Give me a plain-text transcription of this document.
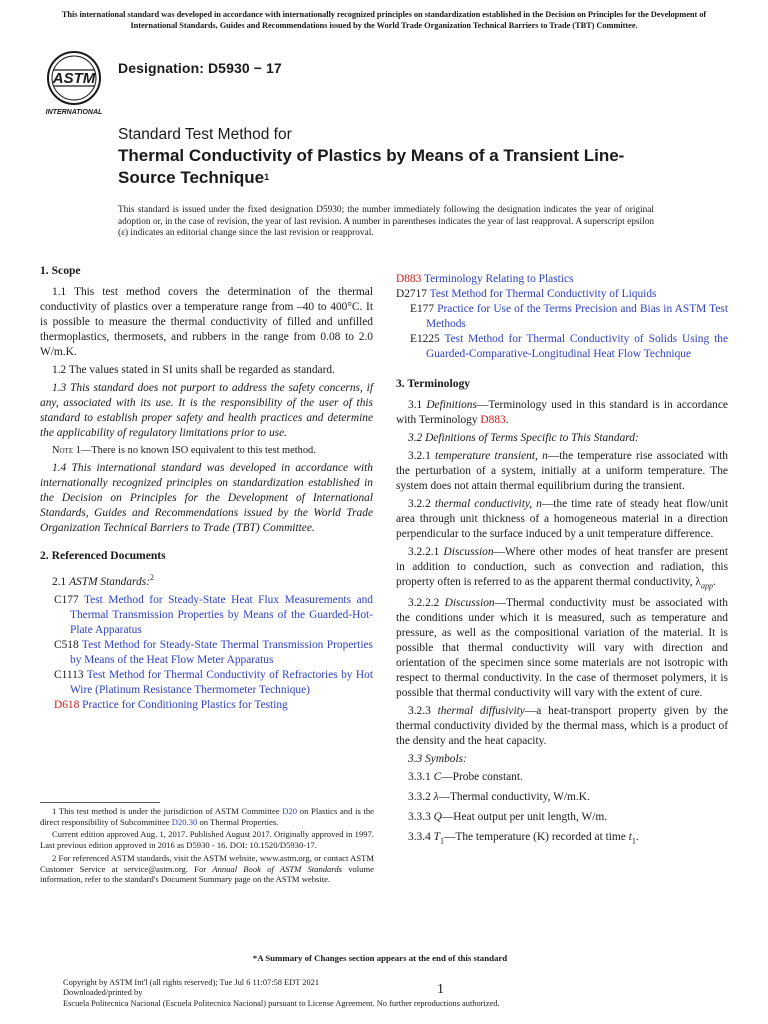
This international standard was developed in accordance with internationally recognized principles on standardization established in the Decision on Principles for the Development of International Standards, Guides and Recommendations issued by the World Trade Organization Technical Barriers to Trade (TBT) Committee.
ASTM
INTERNATIONAL
Designation: D5930 − 17
Standard Test Method for
Thermal Conductivity of Plastics by Means of a Transient Line-Source Technique$^1$
This standard is issued under the fixed designation D5930; the number immediately following the designation indicates the year of original adoption or, in the case of revision, the year of last revision. A number in parentheses indicates the year of last reapproval. A superscript epsilon (ε) indicates an editorial change since the last revision or reapproval.
1. Scope

1.1 This test method covers the determination of the thermal conductivity of plastics over a temperature range from –40 to 400°C. It is possible to measure the thermal conductivity of filled and unfilled thermoplastics, thermosets, and rubbers in the range from 0.08 to 2.0 W/m.K.

1.2 The values stated in SI units shall be regarded as standard.

1.3 This standard does not purport to address the safety concerns, if any, associated with its use. It is the responsibility of the user of this standard to establish proper safety and health practices and determine the applicability of regulatory limitations prior to use.

Note 1—There is no known ISO equivalent to this test method.

1.4 This international standard was developed in accordance with internationally recognized principles on standardization established in the Decision on Principles for the Development of International Standards, Guides and Recommendations issued by the World Trade Organization Technical Barriers to Trade (TBT) Committee.

2. Referenced Documents

2.1 ASTM Standards:$^2$

C177 Test Method for Steady-State Heat Flux Measurements and Thermal Transmission Properties by Means of the Guarded-Hot-Plate Apparatus
C518 Test Method for Steady-State Thermal Transmission Properties by Means of the Heat Flow Meter Apparatus
C1113 Test Method for Thermal Conductivity of Refractories by Hot Wire (Platinum Resistance Thermometer Technique)
D618 Practice for Conditioning Plastics for Testing

1 This test method is under the jurisdiction of ASTM Committee D20 on Plastics and is the direct responsibility of Subcommittee D20.30 on Thermal Properties.

Current edition approved Aug. 1, 2017. Published August 2017. Originally approved in 1997. Last previous edition approved in 2016 as D5930 - 16. DOI: 10.1520/D5930-17.

2 For referenced ASTM standards, visit the ASTM website, www.astm.org, or contact ASTM Customer Service at service@astm.org. For Annual Book of ASTM Standards volume information, refer to the standard's Document Summary page on the ASTM website.

D883 Terminology Relating to Plastics
D2717 Test Method for Thermal Conductivity of Liquids
E177 Practice for Use of the Terms Precision and Bias in ASTM Test Methods
E1225 Test Method for Thermal Conductivity of Solids Using the Guarded-Comparative-Longitudinal Heat Flow Technique
3. Terminology

3.1 Definitions—Terminology used in this standard is in accordance with Terminology D883.

3.2 Definitions of Terms Specific to This Standard:

3.2.1 temperature transient, n—the temperature rise associated with the perturbation of a system, initially at a uniform temperature. The system does not attain thermal equilibrium during the transient.

3.2.2 thermal conductivity, n—the time rate of steady heat flow/unit area through unit thickness of a homogeneous material in a direction perpendicular to the surface induced by a unit temperature difference.

3.2.2.1 Discussion—Where other modes of heat transfer are present in addition to conduction, such as convection and radiation, this property often is referred to as the apparent thermal conductivity, $\lambda_{app}$.

3.2.2.2 Discussion—Thermal conductivity must be associated with the conditions under which it is measured, such as temperature and pressure, as well as the compositional variation of the material. It is possible that thermal conductivity will vary with direction and orientation of the specimen since some materials are not isotropic with respect to thermal conductivity. In the case of thermoset polymers, it is possible that thermal conductivity will vary with the extent of cure.

3.2.3 thermal diffusivity—a heat-transport property given by the thermal conductivity divided by the thermal mass, which is a product of the density and the heat capacity.

3.3 Symbols:

3.3.1 C—Probe constant.

3.3.2 λ—Thermal conductivity, W/m.K.

3.3.3 Q—Heat output per unit length, W/m.

3.3.4 $T_1—The$ temperature (K) recorded at time $t_1$.

*A Summary of Changes section appears at the end of this standard
Copyright by ASTM Int'l (all rights reserved); Tue Jul 6 11:07:58 EDT 2021
Downloaded/printed by
Escuela Politecnica Nacional (Escuela Politecnica Nacional) pursuant to License Agreement. No further reproductions authorized.
1
